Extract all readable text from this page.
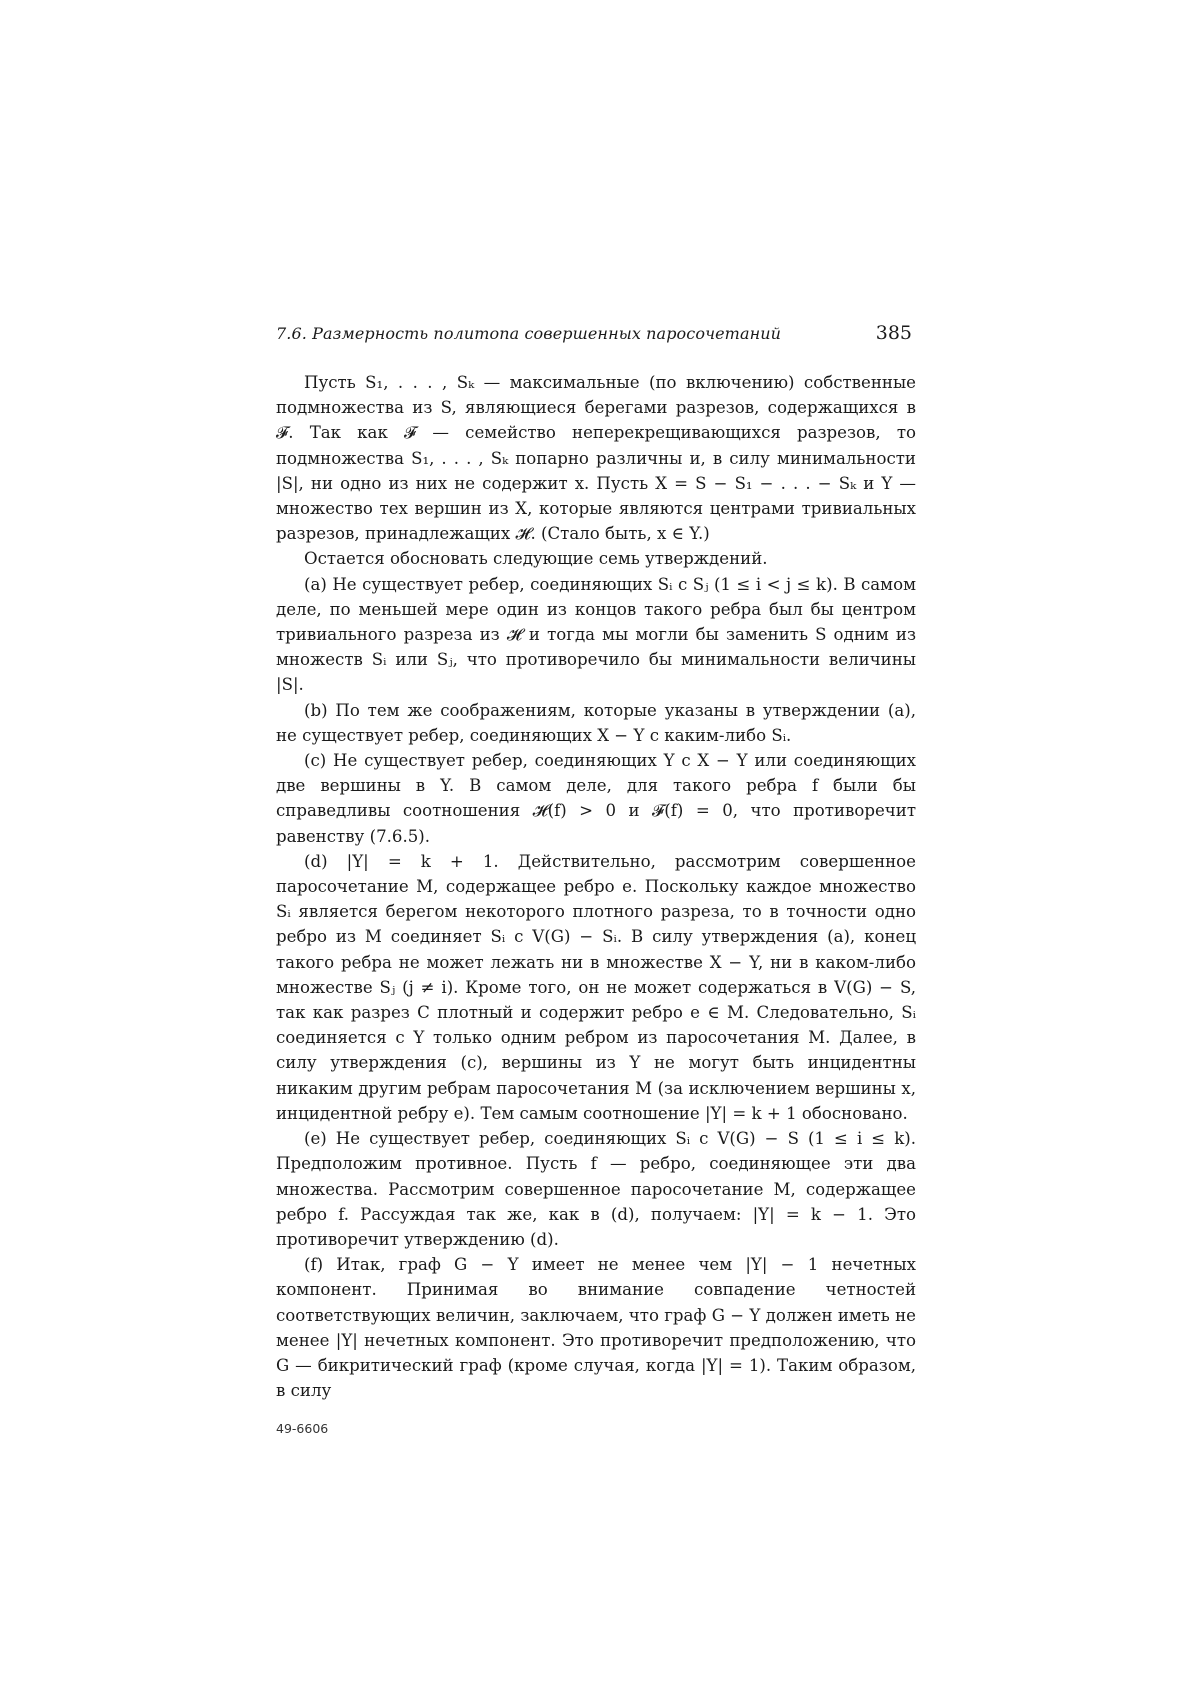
7.6. Размерность политопа совершенных паросочетаний	385

Пусть S₁, . . . , Sₖ — максимальные (по включению) собственные подмножества из S, являющиеся берегами разрезов, содержащихся в 𝓕. Так как 𝓕 — семейство неперекрещивающихся разрезов, то подмножества S₁, . . . , Sₖ попарно различны и, в силу минимальности |S|, ни одно из них не содержит x. Пусть X = S − S₁ − . . . − Sₖ и Y — множество тех вершин из X, которые являются центрами тривиальных разрезов, принадлежащих 𝓗. (Стало быть, x ∈ Y.)

Остается обосновать следующие семь утверждений.

(a) Не существует ребер, соединяющих Sᵢ с Sⱼ (1 ≤ i < j ≤ k). В самом деле, по меньшей мере один из концов такого ребра был бы центром тривиального разреза из 𝓗 и тогда мы могли бы заменить S одним из множеств Sᵢ или Sⱼ, что противоречило бы минимальности величины |S|.

(b) По тем же соображениям, которые указаны в утверждении (a), не существует ребер, соединяющих X − Y с каким-либо Sᵢ.

(c) Не существует ребер, соединяющих Y с X − Y или соединяющих две вершины в Y. В самом деле, для такого ребра f были бы справедливы соотношения 𝓗(f) > 0 и 𝓕(f) = 0, что противоречит равенству (7.6.5).

(d) |Y| = k + 1. Действительно, рассмотрим совершенное паросочетание M, содержащее ребро e. Поскольку каждое множество Sᵢ является берегом некоторого плотного разреза, то в точности одно ребро из M соединяет Sᵢ с V(G) − Sᵢ. В силу утверждения (a), конец такого ребра не может лежать ни в множестве X − Y, ни в каком-либо множестве Sⱼ (j ≠ i). Кроме того, он не может содержаться в V(G) − S, так как разрез C плотный и содержит ребро e ∈ M. Следовательно, Sᵢ соединяется с Y только одним ребром из паросочетания M. Далее, в силу утверждения (c), вершины из Y не могут быть инцидентны никаким другим ребрам паросочетания M (за исключением вершины x, инцидентной ребру e). Тем самым соотношение |Y| = k + 1 обосновано.

(e) Не существует ребер, соединяющих Sᵢ с V(G) − S (1 ≤ i ≤ k). Предположим противное. Пусть f — ребро, соединяющее эти два множества. Рассмотрим совершенное паросочетание M, содержащее ребро f. Рассуждая так же, как в (d), получаем: |Y| = k − 1. Это противоречит утверждению (d).

(f) Итак, граф G − Y имеет не менее чем |Y| − 1 нечетных компонент. Принимая во внимание совпадение четностей соответствующих величин, заключаем, что граф G − Y должен иметь не менее |Y| нечетных компонент. Это противоречит предположению, что G — бикритический граф (кроме случая, когда |Y| = 1). Таким образом, в силу

49-6606
